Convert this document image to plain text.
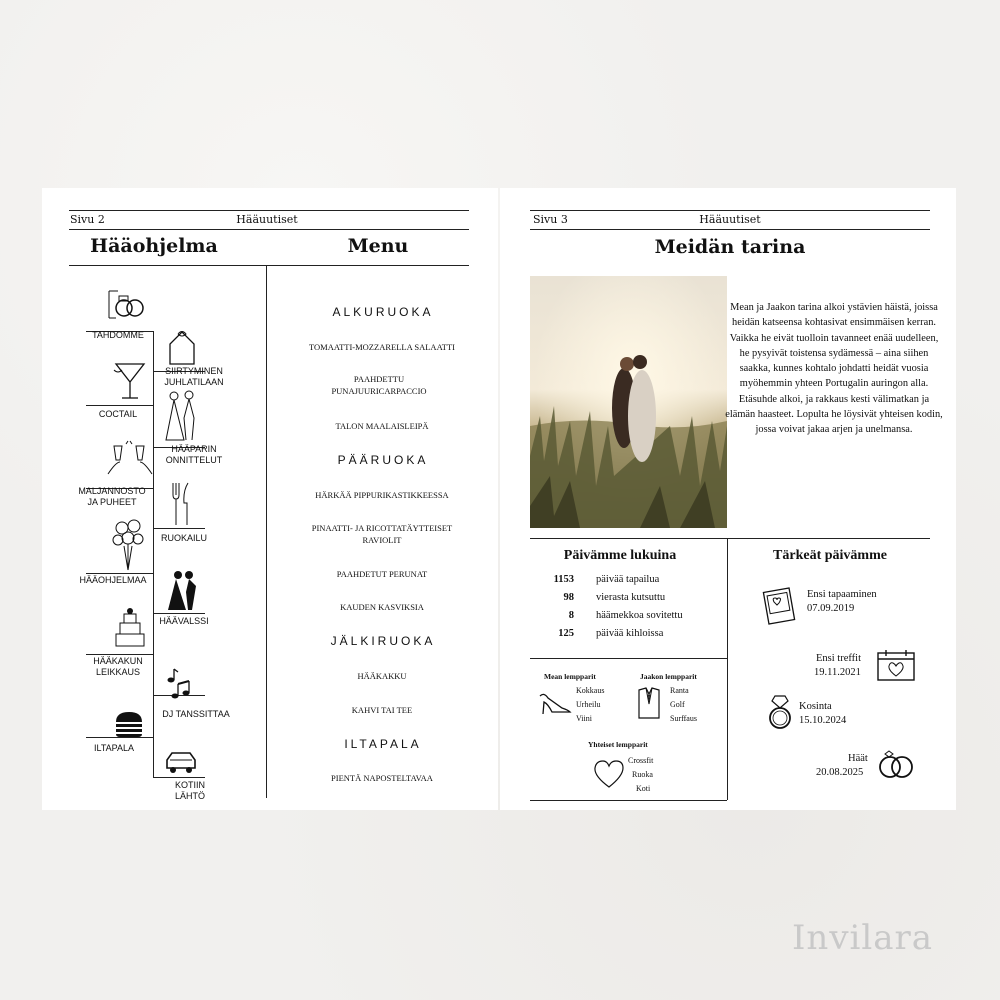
Sivu 2	Hääuutiset
Hääohjelma	Menu
TAHDOMME
COCTAIL
MALJANNOSTO JA PUHEET
HÄÄOHJELMAA
HÄÄKAKUN LEIKKAUS
ILTAPALA
SIIRTYMINEN JUHLATILAAN
HÄÄPARIN ONNITTELUT
RUOKAILU
HÄÄVALSSI
DJ TANSSITTAA
KOTIIN LÄHTÖ
ALKURUOKA
TOMAATTI-MOZZARELLA SALAATTI
PAAHDETTU PUNAJUURICARPACCIO
TALON MAALAISLEIPÄ
PÄÄRUOKA
HÄRKÄÄ PIPPURIKASTIKKEESSA
PINAATTI- JA RICOTTATÄYTTEISET RAVIOLIT
PAAHDETUT PERUNAT
KAUDEN KASVIKSIA
JÄLKIRUOKA
HÄÄKAKKU
KAHVI TAI TEE
ILTAPALA
PIENTÄ NAPOSTELTAVAA
Sivu 3	Hääuutiset
Meidän tarina
Mean ja Jaakon tarina alkoi ystävien häistä, joissa heidän katseensa kohtasivat ensimmäisen kerran. Vaikka he eivät tuolloin tavanneet enää uudelleen, he pysyivät toistensa sydämessä – aina siihen saakka, kunnes kohtalo johdatti heidät vuosia myöhemmin yhteen Portugalin auringon alla. Etäsuhde alkoi, ja rakkaus kesti välimatkan ja elämän haasteet. Lopulta he löysivät yhteisen kodin, jossa voivat jakaa arjen ja unelmansa.
Päivämme lukuina
1153 päivää tapailua
98 vierasta kutsuttu
8 häämekkoa sovitettu
125 päivää kihloissa
Mean lempparit
Kokkaus
Urheilu
Viini
Jaakon lempparit
Ranta
Golf
Surffaus
Yhteiset lempparit
Crossfit
Ruoka
Koti
Tärkeät päivämme
Ensi tapaaminen
07.09.2019
Ensi treffit
19.11.2021
Kosinta
15.10.2024
Häät
20.08.2025
Invilara
